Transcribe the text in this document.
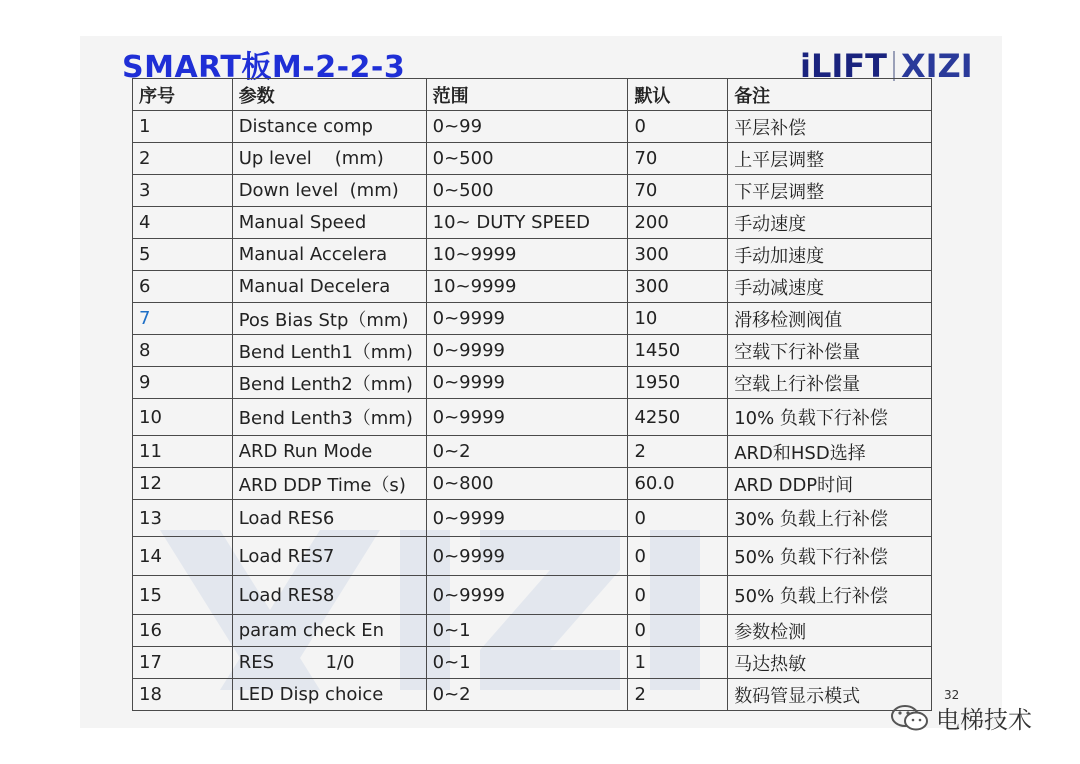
SMART板M-2-2-3	iLIFT XIZI
序号	参数	范围	默认	备注
1	Distance comp	0~99	0	平层补偿
2	Up level    (mm)	0~500	70	上平层调整
3	Down level  (mm)	0~500	70	下平层调整
4	Manual Speed	10~ DUTY SPEED	200	手动速度
5	Manual Accelera	10~9999	300	手动加速度
6	Manual Decelera	10~9999	300	手动减速度
7	Pos Bias Stp（mm)	0~9999	10	滑移检测阀值
8	Bend Lenth1（mm)	0~9999	1450	空载下行补偿量
9	Bend Lenth2（mm)	0~9999	1950	空载上行补偿量
10	Bend Lenth3（mm)	0~9999	4250	10% 负载下行补偿
11	ARD Run Mode	0~2	2	ARD和HSD选择
12	ARD DDP Time（s)	0~800	60.0	ARD DDP时间
13	Load RES6	0~9999	0	30% 负载上行补偿
14	Load RES7	0~9999	0	50% 负载下行补偿
15	Load RES8	0~9999	0	50% 负载上行补偿
16	param check En	0~1	0	参数检测
17	RES         1/0	0~1	1	马达热敏
18	LED Disp choice	0~2	2	数码管显示模式	32
电梯技术
